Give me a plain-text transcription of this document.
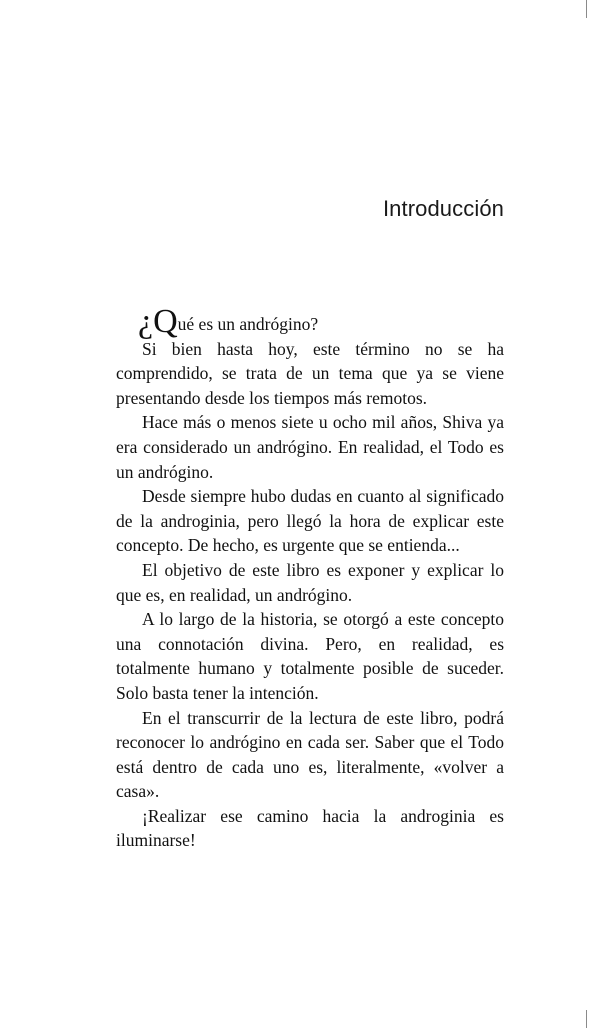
Introducción

¿Qué es un andrógino?

Si bien hasta hoy, este término no se ha comprendido, se trata de un tema que ya se viene presentando desde los tiempos más remotos.

Hace más o menos siete u ocho mil años, Shiva ya era considerado un andrógino. En realidad, el Todo es un andrógino.

Desde siempre hubo dudas en cuanto al significado de la androginia, pero llegó la hora de explicar este concepto. De hecho, es urgente que se entienda...

El objetivo de este libro es exponer y explicar lo que es, en realidad, un andrógino.

A lo largo de la historia, se otorgó a este concepto una connotación divina. Pero, en realidad, es totalmente humano y totalmente posible de suceder. Solo basta tener la intención.

En el transcurrir de la lectura de este libro, podrá reconocer lo andrógino en cada ser. Saber que el Todo está dentro de cada uno es, literalmente, «volver a casa».

¡Realizar ese camino hacia la androginia es iluminarse!
